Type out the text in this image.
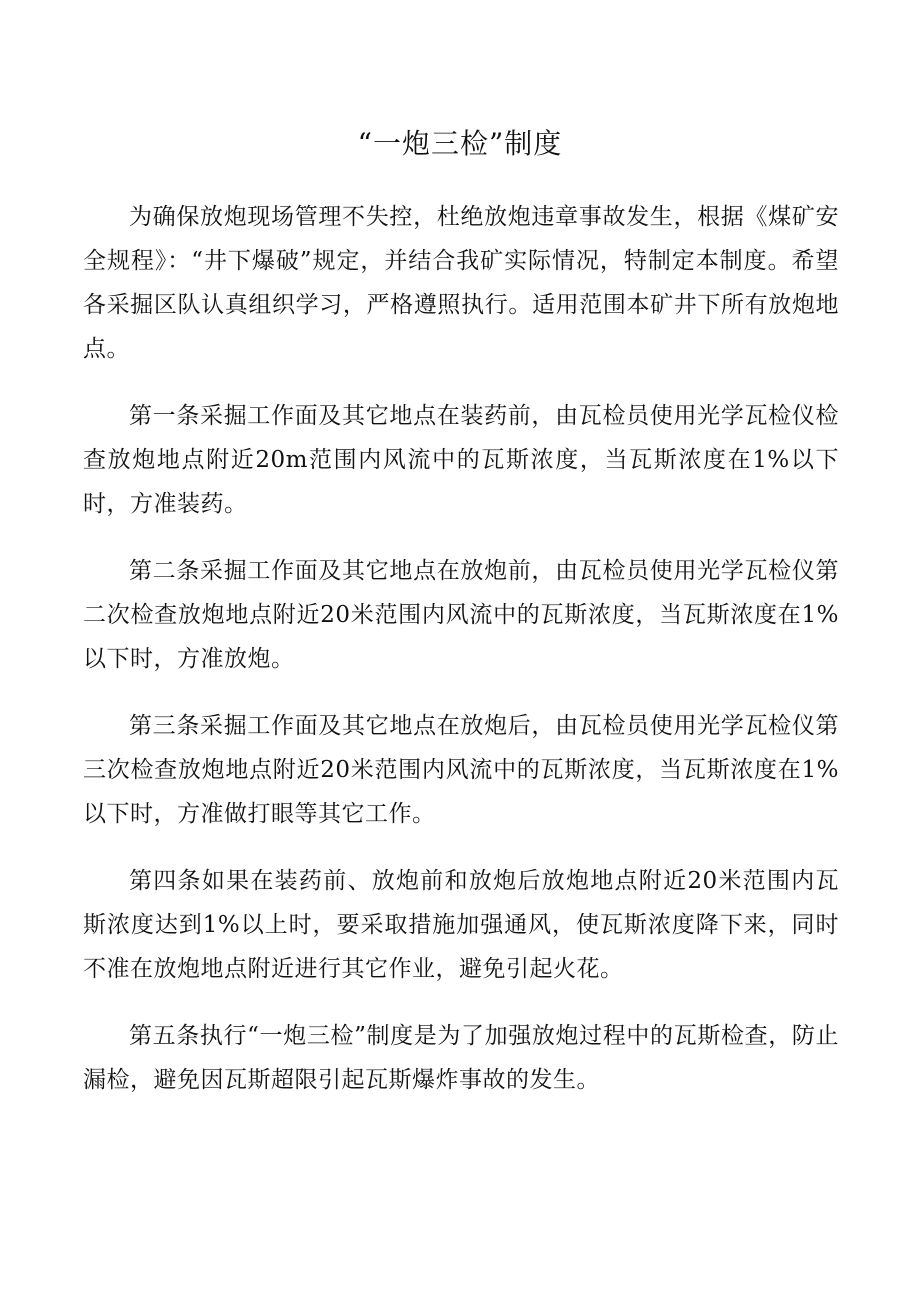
“一炮三检”制度

为确保放炮现场管理不失控，杜绝放炮违章事故发生，根据《煤矿安全规程》：“井下爆破”规定，并结合我矿实际情况，特制定本制度。希望各采掘区队认真组织学习，严格遵照执行。适用范围本矿井下所有放炮地点。

第一条采掘工作面及其它地点在装药前，由瓦检员使用光学瓦检仪检查放炮地点附近20m范围内风流中的瓦斯浓度，当瓦斯浓度在1%以下时，方准装药。

第二条采掘工作面及其它地点在放炮前，由瓦检员使用光学瓦检仪第二次检查放炮地点附近20米范围内风流中的瓦斯浓度，当瓦斯浓度在1%以下时，方准放炮。

第三条采掘工作面及其它地点在放炮后，由瓦检员使用光学瓦检仪第三次检查放炮地点附近20米范围内风流中的瓦斯浓度，当瓦斯浓度在1%以下时，方准做打眼等其它工作。

第四条如果在装药前、放炮前和放炮后放炮地点附近20米范围内瓦斯浓度达到1%以上时，要采取措施加强通风，使瓦斯浓度降下来，同时不准在放炮地点附近进行其它作业，避免引起火花。

第五条执行“一炮三检”制度是为了加强放炮过程中的瓦斯检查，防止漏检，避免因瓦斯超限引起瓦斯爆炸事故的发生。
